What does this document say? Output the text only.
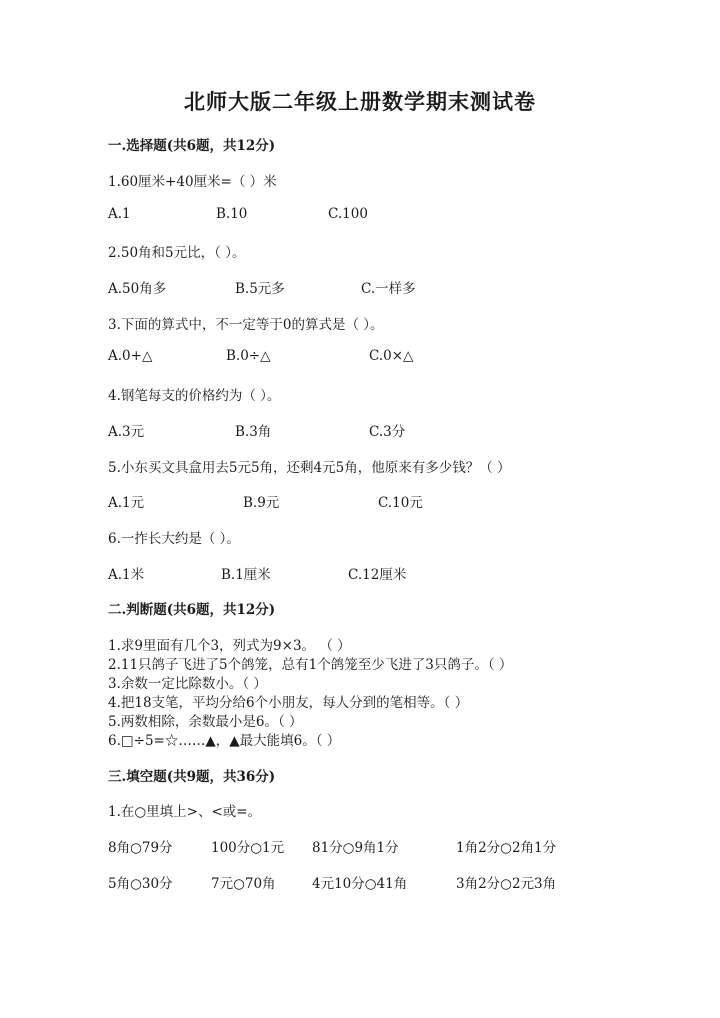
北师大版二年级上册数学期末测试卷
一.选择题(共6题，共12分)
1.60厘米+40厘米=（ ）米
A.1	B.10	C.100
2.50角和5元比，（ ）。
A.50角多	B.5元多	C.一样多
3.下面的算式中，不一定等于0的算式是（ ）。
A.0+△	B.0÷△	C.0×△
4.钢笔每支的价格约为（ ）。
A.3元	B.3角	C.3分
5.小东买文具盒用去5元5角，还剩4元5角，他原来有多少钱？（ ）
A.1元	B.9元	C.10元
6.一拃长大约是（ ）。
A.1米	B.1厘米	C.12厘米
二.判断题(共6题，共12分)
1.求9里面有几个3，列式为9×3。 （ ）
2.11只鸽子飞进了5个鸽笼，总有1个鸽笼至少飞进了3只鸽子。（ ）
3.余数一定比除数小。（ ）
4.把18支笔，平均分给6个小朋友，每人分到的笔相等。（ ）
5.两数相除，余数最小是6。（ ）
6.□÷5=☆……▲，▲最大能填6。（ ）
三.填空题(共9题，共36分)
1.在○里填上>、<或=。
8角○79分	100分○1元 81分○9角1分	1角2分○2角1分
5角○30分	7元○70角	4元10分○41角	3角2分○2元3角
